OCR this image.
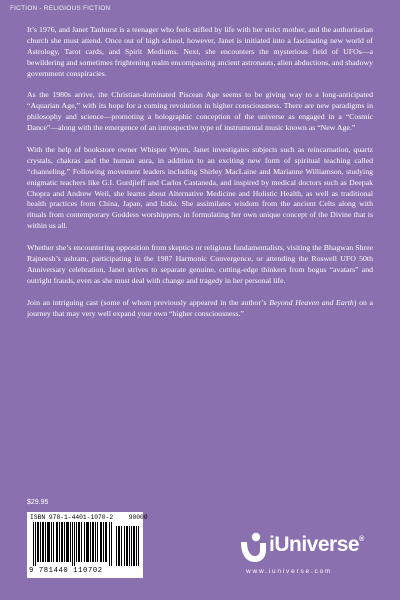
FICTION - RELIGIOUS FICTION

It’s 1976, and Janet Tanhurst is a teenager who feels stifled by life with her strict mother, and the authoritarian church she must attend. Once out of high school, however, Janet is initiated into a fascinating new world of Astrology, Tarot cards, and Spirit Mediums. Next, she encounters the mysterious field of UFOs—a bewildering and sometimes frightening realm encompassing ancient astronauts, alien abductions, and shadowy government conspiracies.

As the 1980s arrive, the Christian-dominated Piscean Age seems to be giving way to a long-anticipated “Aquarian Age,” with its hope for a coming revolution in higher consciousness. There are new paradigms in philosophy and science—promoting a holographic conception of the universe as engaged in a “Cosmic Dance”—along with the emergence of an introspective type of instrumental music known as “New Age.”

With the help of bookstore owner Whisper Wynn, Janet investigates subjects such as reincarnation, quartz crystals, chakras and the human aura, in addition to an exciting new form of spiritual teaching called “channeling.” Following movement leaders including Shirley MacLaine and Marianne Williamson, studying enigmatic teachers like G.I. Gurdjieff and Carlos Castaneda, and inspired by medical doctors such as Deepak Chopra and Andrew Weil, she learns about Alternative Medicine and Holistic Health, as well as traditional health practices from China, Japan, and India. She assimilates wisdom from the ancient Celts along with rituals from contemporary Goddess worshippers, in formulating her own unique concept of the Divine that is within us all.

Whether she’s encountering opposition from skeptics or religious fundamentalists, visiting the Bhagwan Shree Rajneesh’s ashram, participating in the 1987 Harmonic Convergence, or attending the Roswell UFO 50th Anniversary celebration, Janet strives to separate genuine, cutting-edge thinkers from bogus “avatars” and outright frauds, even as she must deal with change and tragedy in her personal life.

Join an intriguing cast (some of whom previously appeared in the author’s Beyond Heaven and Earth) on a journey that may very well expand your own “higher consciousness.”

$29.95
ISBN 978-1-4401-1070-2 90000
9 781440 110702
iUniverse®
www.iuniverse.com
